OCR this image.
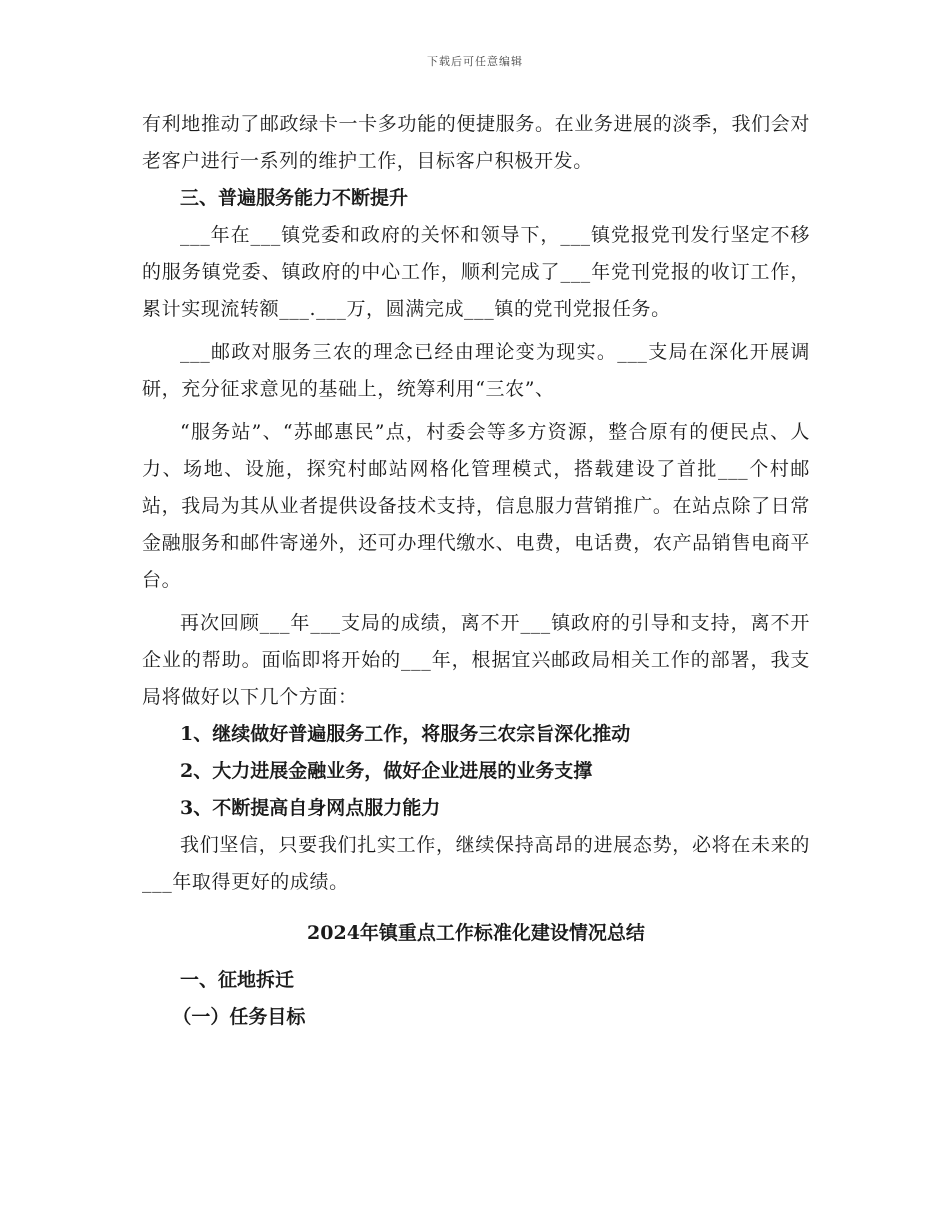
下载后可任意编辑

有利地推动了邮政绿卡一卡多功能的便捷服务。在业务进展的淡季，我们会对老客户进行一系列的维护工作，目标客户积极开发。

三、普遍服务能力不断提升

___年在___镇党委和政府的关怀和领导下，___镇党报党刊发行坚定不移的服务镇党委、镇政府的中心工作，顺利完成了___年党刊党报的收订工作，累计实现流转额___.___万，圆满完成___镇的党刊党报任务。

___邮政对服务三农的理念已经由理论变为现实。___支局在深化开展调研，充分征求意见的基础上，统筹利用“三农”、

“服务站”、“苏邮惠民”点，村委会等多方资源，整合原有的便民点、人力、场地、设施，探究村邮站网格化管理模式，搭载建设了首批___个村邮站，我局为其从业者提供设备技术支持，信息服力营销推广。在站点除了日常金融服务和邮件寄递外，还可办理代缴水、电费，电话费，农产品销售电商平台。

再次回顾___年___支局的成绩，离不开___镇政府的引导和支持，离不开企业的帮助。面临即将开始的___年，根据宜兴邮政局相关工作的部署，我支局将做好以下几个方面：

1、继续做好普遍服务工作，将服务三农宗旨深化推动

2、大力进展金融业务，做好企业进展的业务支撑

3、不断提高自身网点服力能力

我们坚信，只要我们扎实工作，继续保持高昂的进展态势，必将在未来的___年取得更好的成绩。

2024年镇重点工作标准化建设情况总结

一、征地拆迁

（一）任务目标
